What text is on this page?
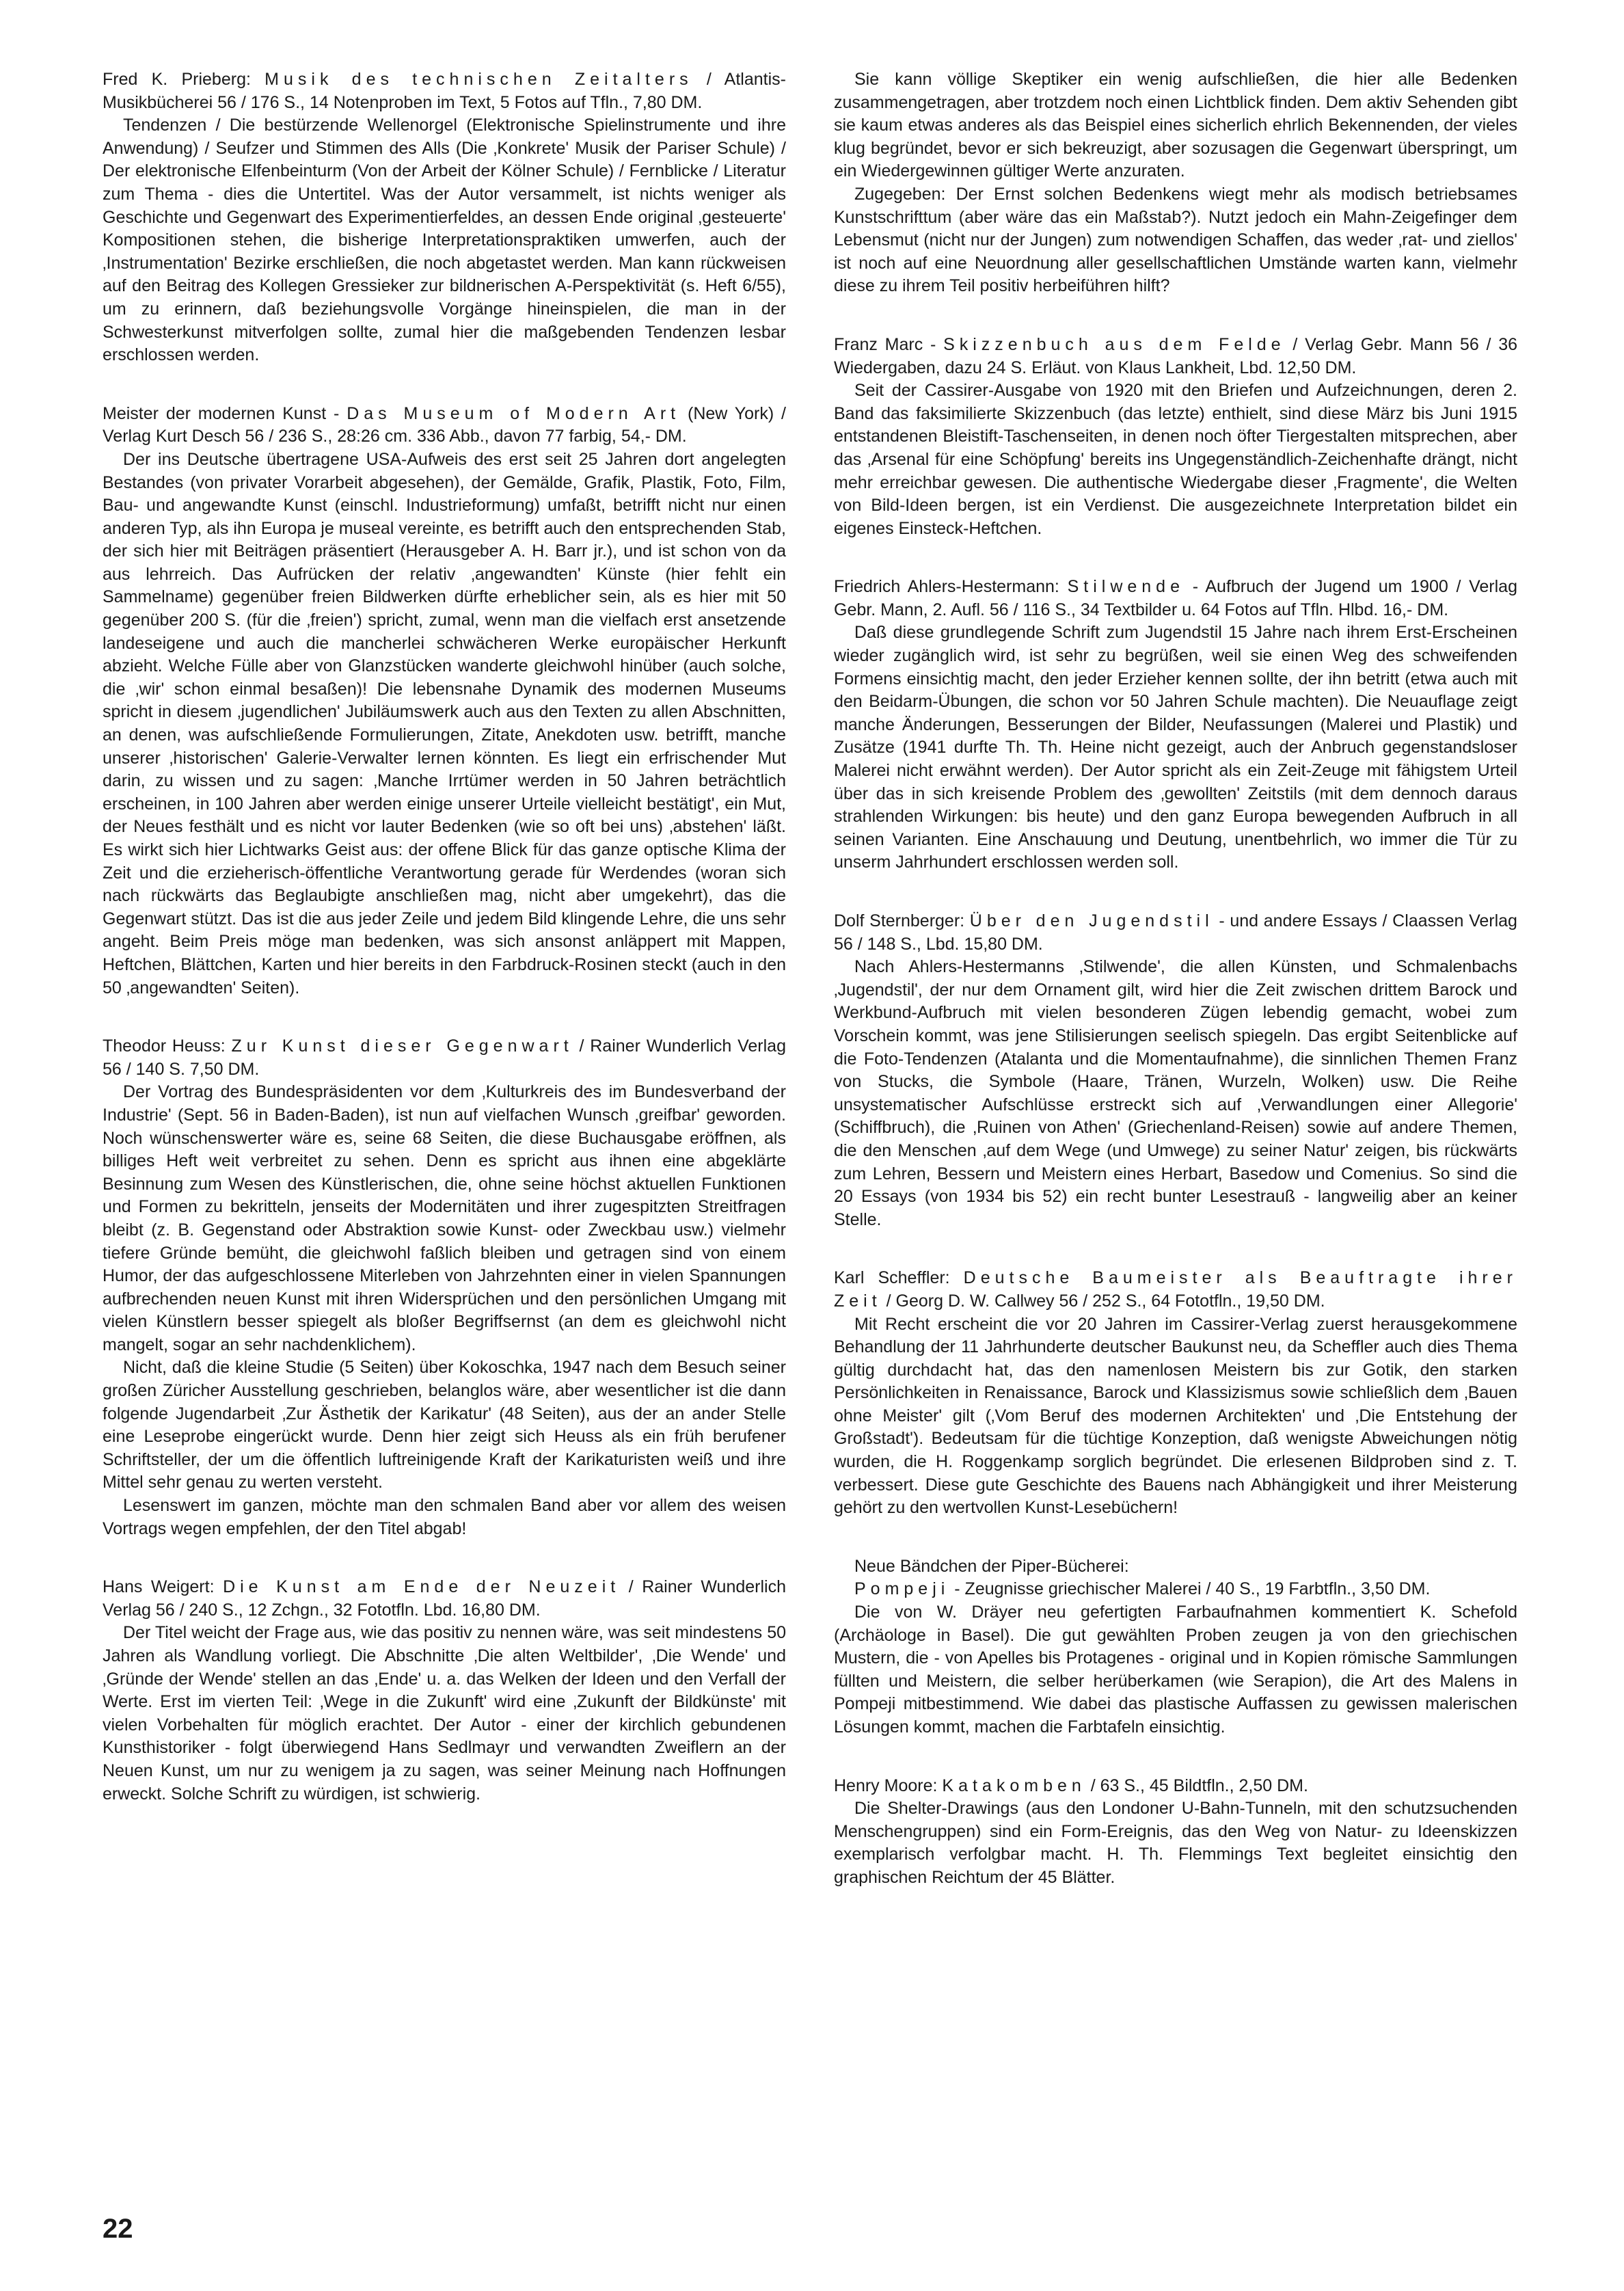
Fred K. Prieberg: Musik des technischen Zeitalters / Atlantis-Musikbücherei 56 / 176 S., 14 Notenproben im Text, 5 Fotos auf Tfln., 7,80 DM.

Tendenzen / Die bestürzende Wellenorgel (Elektronische Spielinstrumente und ihre Anwendung) / Seufzer und Stimmen des Alls (Die ‚Konkrete' Musik der Pariser Schule) / Der elektronische Elfenbeinturm (Von der Arbeit der Kölner Schule) / Fernblicke / Literatur zum Thema - dies die Untertitel. Was der Autor versammelt, ist nichts weniger als Geschichte und Gegenwart des Experimentierfeldes, an dessen Ende original ‚gesteuerte' Kompositionen stehen, die bisherige Interpretationspraktiken umwerfen, auch der ‚Instrumentation' Bezirke erschließen, die noch abgetastet werden. Man kann rückweisen auf den Beitrag des Kollegen Gressieker zur bildnerischen A-Perspektivität (s. Heft 6/55), um zu erinnern, daß beziehungsvolle Vorgänge hineinspielen, die man in der Schwesterkunst mitverfolgen sollte, zumal hier die maßgebenden Tendenzen lesbar erschlossen werden.

Meister der modernen Kunst - Das Museum of Modern Art (New York) / Verlag Kurt Desch 56 / 236 S., 28:26 cm. 336 Abb., davon 77 farbig, 54,- DM.

Der ins Deutsche übertragene USA-Aufweis des erst seit 25 Jahren dort angelegten Bestandes (von privater Vorarbeit abgesehen), der Gemälde, Grafik, Plastik, Foto, Film, Bau- und angewandte Kunst (einschl. Industrieformung) umfaßt, betrifft nicht nur einen anderen Typ, als ihn Europa je museal vereinte, es betrifft auch den entsprechenden Stab, der sich hier mit Beiträgen präsentiert (Herausgeber A. H. Barr jr.), und ist schon von da aus lehrreich. Das Aufrücken der relativ ‚angewandten' Künste (hier fehlt ein Sammelname) gegenüber freien Bildwerken dürfte erheblicher sein, als es hier mit 50 gegenüber 200 S. (für die ‚freien') spricht, zumal, wenn man die vielfach erst ansetzende landeseigene und auch die mancherlei schwächeren Werke europäischer Herkunft abzieht. Welche Fülle aber von Glanzstücken wanderte gleichwohl hinüber (auch solche, die ‚wir' schon einmal besaßen)! Die lebensnahe Dynamik des modernen Museums spricht in diesem ‚jugendlichen' Jubiläumswerk auch aus den Texten zu allen Abschnitten, an denen, was aufschließende Formulierungen, Zitate, Anekdoten usw. betrifft, manche unserer ‚historischen' Galerie-Verwalter lernen könnten. Es liegt ein erfrischender Mut darin, zu wissen und zu sagen: ‚Manche Irrtümer werden in 50 Jahren beträchtlich erscheinen, in 100 Jahren aber werden einige unserer Urteile vielleicht bestätigt', ein Mut, der Neues festhält und es nicht vor lauter Bedenken (wie so oft bei uns) ‚abstehen' läßt. Es wirkt sich hier Lichtwarks Geist aus: der offene Blick für das ganze optische Klima der Zeit und die erzieherisch-öffentliche Verantwortung gerade für Werdendes (woran sich nach rückwärts das Beglaubigte anschließen mag, nicht aber umgekehrt), das die Gegenwart stützt. Das ist die aus jeder Zeile und jedem Bild klingende Lehre, die uns sehr angeht. Beim Preis möge man bedenken, was sich ansonst anläppert mit Mappen, Heftchen, Blättchen, Karten und hier bereits in den Farbdruck-Rosinen steckt (auch in den 50 ‚angewandten' Seiten).

Theodor Heuss: Zur Kunst dieser Gegenwart / Rainer Wunderlich Verlag 56 / 140 S. 7,50 DM.

Der Vortrag des Bundespräsidenten vor dem ‚Kulturkreis des im Bundesverband der Industrie' (Sept. 56 in Baden-Baden), ist nun auf vielfachen Wunsch ‚greifbar' geworden. Noch wünschenswerter wäre es, seine 68 Seiten, die diese Buchausgabe eröffnen, als billiges Heft weit verbreitet zu sehen. Denn es spricht aus ihnen eine abgeklärte Besinnung zum Wesen des Künstlerischen, die, ohne seine höchst aktuellen Funktionen und Formen zu bekritteln, jenseits der Modernitäten und ihrer zugespitzten Streitfragen bleibt (z. B. Gegenstand oder Abstraktion sowie Kunst- oder Zweckbau usw.) vielmehr tiefere Gründe bemüht, die gleichwohl faßlich bleiben und getragen sind von einem Humor, der das aufgeschlossene Miterleben von Jahrzehnten einer in vielen Spannungen aufbrechenden neuen Kunst mit ihren Widersprüchen und den persönlichen Umgang mit vielen Künstlern besser spiegelt als bloßer Begriffsernst (an dem es gleichwohl nicht mangelt, sogar an sehr nachdenklichem).

Nicht, daß die kleine Studie (5 Seiten) über Kokoschka, 1947 nach dem Besuch seiner großen Züricher Ausstellung geschrieben, belanglos wäre, aber wesentlicher ist die dann folgende Jugendarbeit ‚Zur Ästhetik der Karikatur' (48 Seiten), aus der an ander Stelle eine Leseprobe eingerückt wurde. Denn hier zeigt sich Heuss als ein früh berufener Schriftsteller, der um die öffentlich luftreinigende Kraft der Karikaturisten weiß und ihre Mittel sehr genau zu werten versteht.

Lesenswert im ganzen, möchte man den schmalen Band aber vor allem des weisen Vortrags wegen empfehlen, der den Titel abgab!

Hans Weigert: Die Kunst am Ende der Neuzeit / Rainer Wunderlich Verlag 56 / 240 S., 12 Zchgn., 32 Fototfln. Lbd. 16,80 DM.

Der Titel weicht der Frage aus, wie das positiv zu nennen wäre, was seit mindestens 50 Jahren als Wandlung vorliegt. Die Abschnitte ‚Die alten Weltbilder', ‚Die Wende' und ‚Gründe der Wende' stellen an das ‚Ende' u. a. das Welken der Ideen und den Verfall der Werte. Erst im vierten Teil: ‚Wege in die Zukunft' wird eine ‚Zukunft der Bildkünste' mit vielen Vorbehalten für möglich erachtet. Der Autor - einer der kirchlich gebundenen Kunsthistoriker - folgt überwiegend Hans Sedlmayr und verwandten Zweiflern an der Neuen Kunst, um nur zu wenigem ja zu sagen, was seiner Meinung nach Hoffnungen erweckt. Solche Schrift zu würdigen, ist schwierig.

Sie kann völlige Skeptiker ein wenig aufschließen, die hier alle Bedenken zusammengetragen, aber trotzdem noch einen Lichtblick finden. Dem aktiv Sehenden gibt sie kaum etwas anderes als das Beispiel eines sicherlich ehrlich Bekennenden, der vieles klug begründet, bevor er sich bekreuzigt, aber sozusagen die Gegenwart überspringt, um ein Wiedergewinnen gültiger Werte anzuraten.

Zugegeben: Der Ernst solchen Bedenkens wiegt mehr als modisch betriebsames Kunstschrifttum (aber wäre das ein Maßstab?). Nutzt jedoch ein Mahn-Zeigefinger dem Lebensmut (nicht nur der Jungen) zum notwendigen Schaffen, das weder ‚rat- und ziellos' ist noch auf eine Neuordnung aller gesellschaftlichen Umstände warten kann, vielmehr diese zu ihrem Teil positiv herbeiführen hilft?

Franz Marc - Skizzenbuch aus dem Felde / Verlag Gebr. Mann 56 / 36 Wiedergaben, dazu 24 S. Erläut. von Klaus Lankheit, Lbd. 12,50 DM.

Seit der Cassirer-Ausgabe von 1920 mit den Briefen und Aufzeichnungen, deren 2. Band das faksimilierte Skizzenbuch (das letzte) enthielt, sind diese März bis Juni 1915 entstandenen Bleistift-Taschenseiten, in denen noch öfter Tiergestalten mitsprechen, aber das ‚Arsenal für eine Schöpfung' bereits ins Ungegenständlich-Zeichenhafte drängt, nicht mehr erreichbar gewesen. Die authentische Wiedergabe dieser ‚Fragmente', die Welten von Bild-Ideen bergen, ist ein Verdienst. Die ausgezeichnete Interpretation bildet ein eigenes Einsteck-Heftchen.

Friedrich Ahlers-Hestermann: Stilwende - Aufbruch der Jugend um 1900 / Verlag Gebr. Mann, 2. Aufl. 56 / 116 S., 34 Textbilder u. 64 Fotos auf Tfln. Hlbd. 16,- DM.

Daß diese grundlegende Schrift zum Jugendstil 15 Jahre nach ihrem Erst-Erscheinen wieder zugänglich wird, ist sehr zu begrüßen, weil sie einen Weg des schweifenden Formens einsichtig macht, den jeder Erzieher kennen sollte, der ihn betritt (etwa auch mit den Beidarm-Übungen, die schon vor 50 Jahren Schule machten). Die Neuauflage zeigt manche Änderungen, Besserungen der Bilder, Neufassungen (Malerei und Plastik) und Zusätze (1941 durfte Th. Th. Heine nicht gezeigt, auch der Anbruch gegenstandsloser Malerei nicht erwähnt werden). Der Autor spricht als ein Zeit-Zeuge mit fähigstem Urteil über das in sich kreisende Problem des ‚gewollten' Zeitstils (mit dem dennoch daraus strahlenden Wirkungen: bis heute) und den ganz Europa bewegenden Aufbruch in all seinen Varianten. Eine Anschauung und Deutung, unentbehrlich, wo immer die Tür zu unserm Jahrhundert erschlossen werden soll.

Dolf Sternberger: Über den Jugendstil - und andere Essays / Claassen Verlag 56 / 148 S., Lbd. 15,80 DM.

Nach Ahlers-Hestermanns ‚Stilwende', die allen Künsten, und Schmalenbachs ‚Jugendstil', der nur dem Ornament gilt, wird hier die Zeit zwischen drittem Barock und Werkbund-Aufbruch mit vielen besonderen Zügen lebendig gemacht, wobei zum Vorschein kommt, was jene Stilisierungen seelisch spiegeln. Das ergibt Seitenblicke auf die Foto-Tendenzen (Atalanta und die Momentaufnahme), die sinnlichen Themen Franz von Stucks, die Symbole (Haare, Tränen, Wurzeln, Wolken) usw. Die Reihe unsystematischer Aufschlüsse erstreckt sich auf ‚Verwandlungen einer Allegorie' (Schiffbruch), die ‚Ruinen von Athen' (Griechenland-Reisen) sowie auf andere Themen, die den Menschen ‚auf dem Wege (und Umwege) zu seiner Natur' zeigen, bis rückwärts zum Lehren, Bessern und Meistern eines Herbart, Basedow und Comenius. So sind die 20 Essays (von 1934 bis 52) ein recht bunter Lesestrauß - langweilig aber an keiner Stelle.

Karl Scheffler: Deutsche Baumeister als Beauftragte ihrer Zeit / Georg D. W. Callwey 56 / 252 S., 64 Fototfln., 19,50 DM.

Mit Recht erscheint die vor 20 Jahren im Cassirer-Verlag zuerst herausgekommene Behandlung der 11 Jahrhunderte deutscher Baukunst neu, da Scheffler auch dies Thema gültig durchdacht hat, das den namenlosen Meistern bis zur Gotik, den starken Persönlichkeiten in Renaissance, Barock und Klassizismus sowie schließlich dem ‚Bauen ohne Meister' gilt (‚Vom Beruf des modernen Architekten' und ‚Die Entstehung der Großstadt'). Bedeutsam für die tüchtige Konzeption, daß wenigste Abweichungen nötig wurden, die H. Roggenkamp sorglich begründet. Die erlesenen Bildproben sind z. T. verbessert. Diese gute Geschichte des Bauens nach Abhängigkeit und ihrer Meisterung gehört zu den wertvollen Kunst-Lesebüchern!

Neue Bändchen der Piper-Bücherei:

Pompeji - Zeugnisse griechischer Malerei / 40 S., 19 Farbtfln., 3,50 DM.

Die von W. Dräyer neu gefertigten Farbaufnahmen kommentiert K. Schefold (Archäologe in Basel). Die gut gewählten Proben zeugen ja von den griechischen Mustern, die - von Apelles bis Protagenes - original und in Kopien römische Sammlungen füllten und Meistern, die selber herüberkamen (wie Serapion), die Art des Malens in Pompeji mitbestimmend. Wie dabei das plastische Auffassen zu gewissen malerischen Lösungen kommt, machen die Farbtafeln einsichtig.

Henry Moore: Katakomben / 63 S., 45 Bildtfln., 2,50 DM.

Die Shelter-Drawings (aus den Londoner U-Bahn-Tunneln, mit den schutzsuchenden Menschengruppen) sind ein Form-Ereignis, das den Weg von Natur- zu Ideenskizzen exemplarisch verfolgbar macht. H. Th. Flemmings Text begleitet einsichtig den graphischen Reichtum der 45 Blätter.

22
